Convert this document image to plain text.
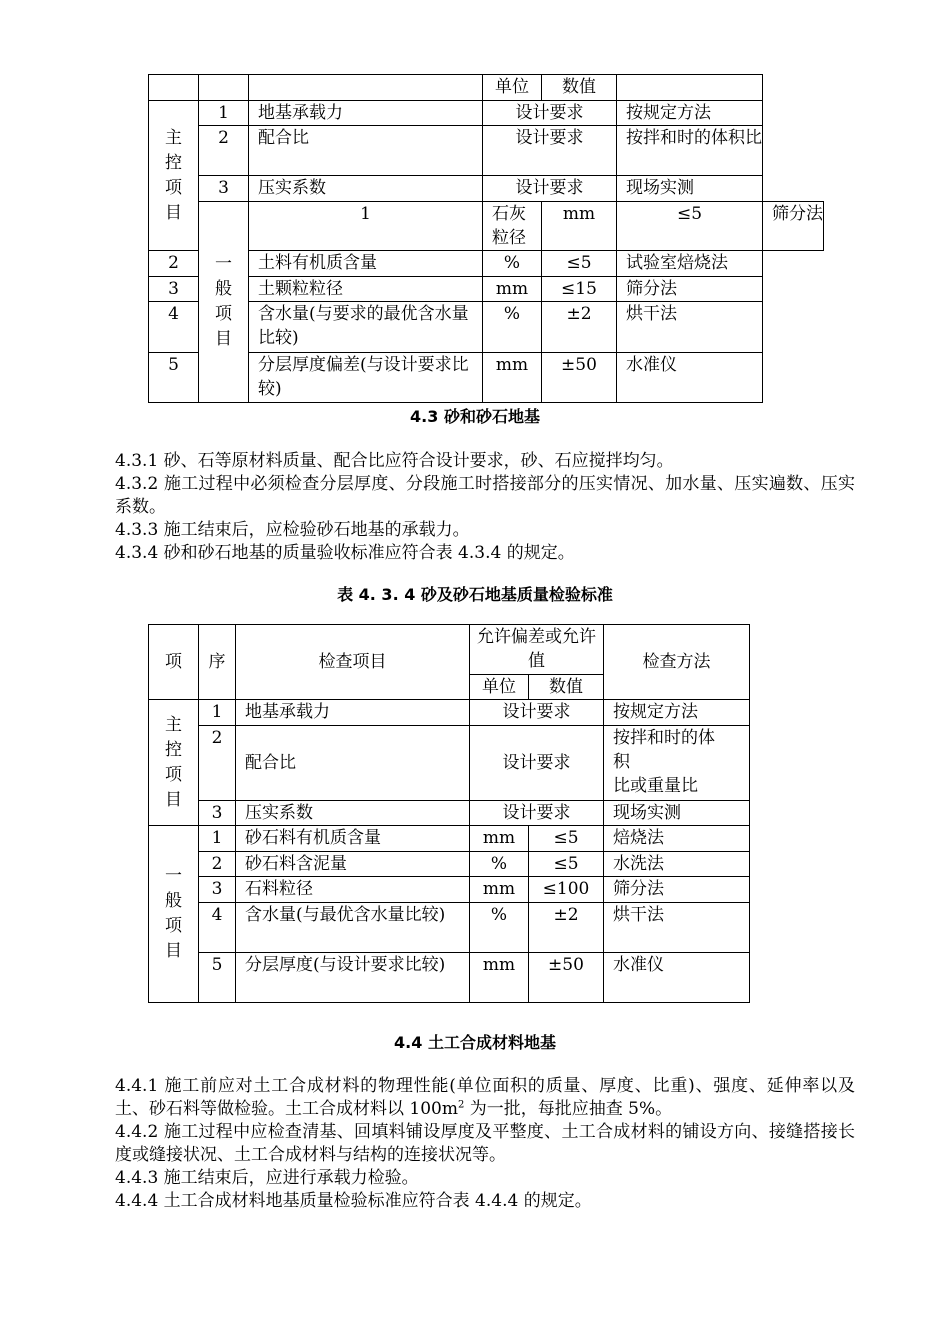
			单位	数值		

主
控
项
目	1	地基承载力	设计要求		按规定方法	
	2	配合比	设计要求		按拌和时的体积比	
	3	压实系数	设计要求		现场实测	

	一
般
项
目	1	石灰粒径	mm	≤5	筛分法
2		土料有机质含量	%	≤5	试验室焙烧法	
3		土颗粒粒径	mm	≤15	筛分法	
4		含水量(与要求的最优含水量比较)	%	±2	烘干法	
5		分层厚度偏差(与设计要求比较)	mm	±50	水准仪	
4.3 砂和砂石地基

4.3.1 砂、石等原材料质量、配合比应符合设计要求，砂、石应搅拌均匀。

4.3.2 施工过程中必须检查分层厚度、分段施工时搭接部分的压实情况、加水量、压实遍数、压实系数。

4.3.3 施工结束后，应检验砂石地基的承载力。

4.3.4 砂和砂石地基的质量验收标准应符合表 4.3.4 的规定。

表 4. 3. 4 砂及砂石地基质量检验标准
项	序	检查项目	允许偏差或允许值		检查方法
			单位	数值	

主
控
项
目	1	地基承载力	设计要求		按规定方法
	2	配合比	设计要求		按拌和时的体
积
比或重量比

	3	压实系数	设计要求		现场实测

一
般
项
目	1	砂石料有机质含量	mm	≤5	焙烧法
	2	砂石料含泥量	%	≤5	水洗法
	3	石料粒径	mm	≤100	筛分法
	4	含水量(与最优含水量比较)	%	±2	烘干法
	5	分层厚度(与设计要求比较)	mm	±50	水准仪
4.4 土工合成材料地基

4.4.1 施工前应对土工合成材料的物理性能(单位面积的质量、厚度、比重)、强度、延伸率以及土、砂石料等做检验。土工合成材料以 $100m^2$ 为一批，每批应抽查 5%。

4.4.2 施工过程中应检查清基、回填料铺设厚度及平整度、土工合成材料的铺设方向、接缝搭接长度或缝接状况、土工合成材料与结构的连接状况等。

4.4.3 施工结束后，应进行承载力检验。

4.4.4 土工合成材料地基质量检验标准应符合表 4.4.4 的规定。
